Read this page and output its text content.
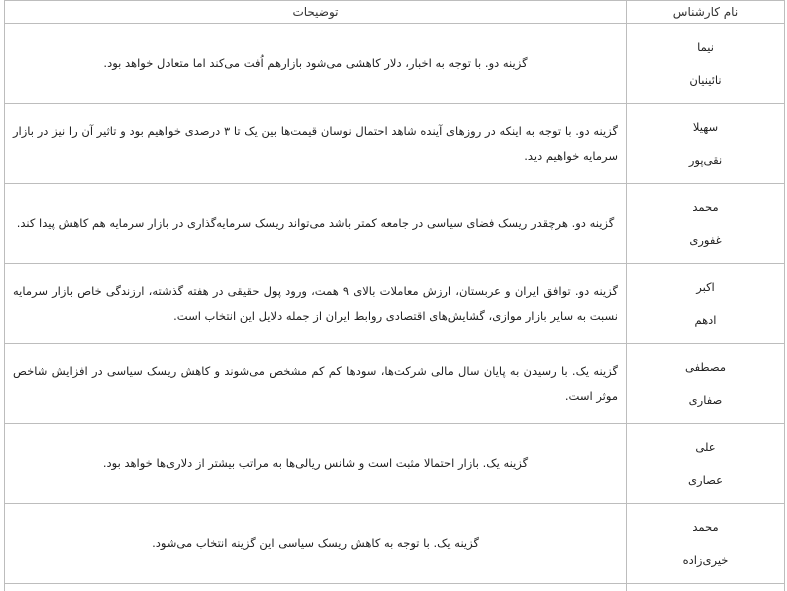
نام کارشناس	توضیحات

نیما
نائینیان	گزینه دو. با توجه به اخبار، دلار کاهشی می‌شود بازارهم اُفت می‌کند اما متعادل خواهد بود.

سهیلا
نقی‌پور	گزینه دو. با توجه به اینکه در روزهای آینده شاهد احتمال نوسان قیمت‌ها بین یک تا ۳ درصدی خواهیم بود و تاثیر آن را نیز در بازار سرمایه خواهیم دید.

محمد
غفوری	گزینه دو. هرچقدر ریسک فضای سیاسی در جامعه کمتر باشد می‌تواند ریسک سرمایه‌گذاری در بازار سرمایه هم کاهش پیدا کند.

اکبر
ادهم	گزینه دو. توافق ایران و عربستان، ارزش معاملات بالای ۹ همت، ورود پول حقیقی در هفته گذشته، ارزندگی خاص بازار سرمایه نسبت به سایر بازار موازی، گشایش‌های اقتصادی روابط ایران از جمله دلایل این انتخاب است.

مصطفی
صفاری	گزینه یک. با رسیدن به پایان سال مالی شرکت‌ها، سودها کم کم مشخص می‌شوند و کاهش ریسک سیاسی در افزایش شاخص موثر است.

علی
عصاری	گزینه یک. بازار احتمالا مثبت است و شانس ریالی‌ها به مراتب بیشتر از دلاری‌ها خواهد بود.

محمد
خیری‌زاده	گزینه یک. با توجه به کاهش ریسک سیاسی این گزینه انتخاب می‌شود.
